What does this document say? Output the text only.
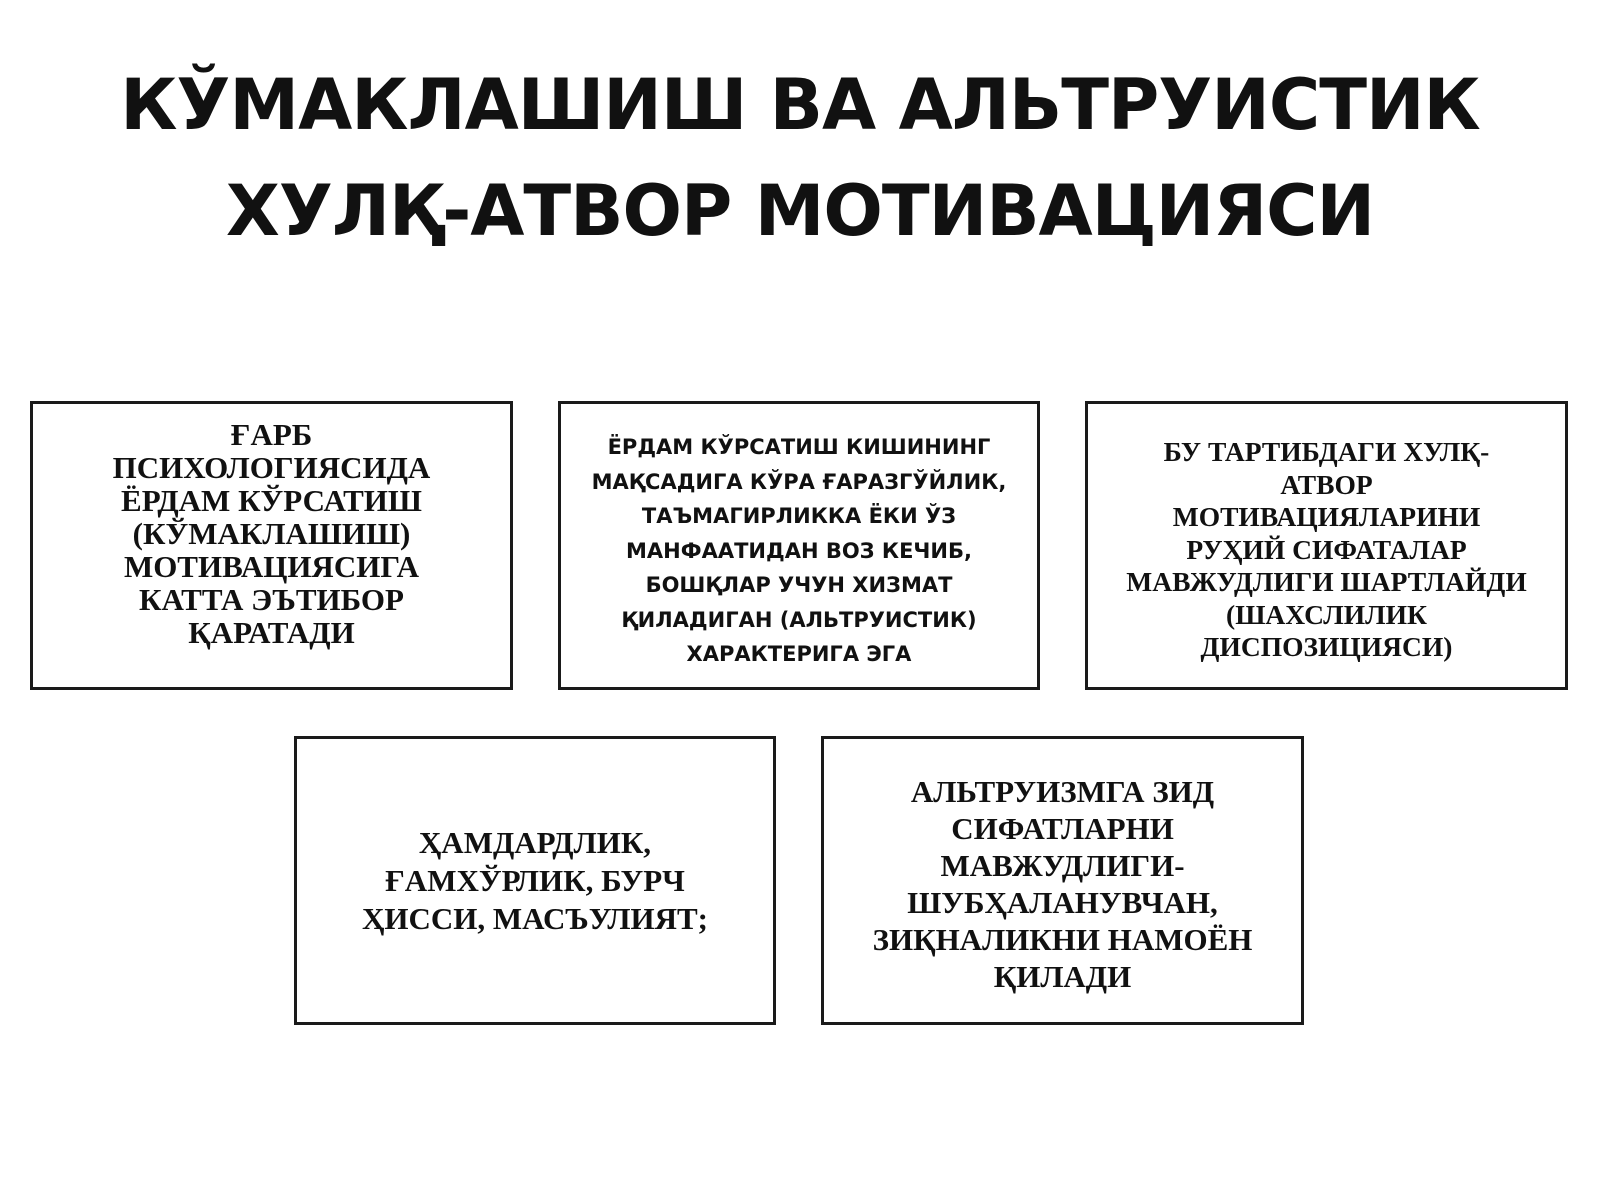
КЎМАКЛАШИШ ВА АЛЬТРУИСТИК
ХУЛҚ-АТВОР МОТИВАЦИЯСИ
ҒАРБ
ПСИХОЛОГИЯСИДА
ЁРДАМ КЎРСАТИШ
(КЎМАКЛАШИШ)
МОТИВАЦИЯСИГА
КАТТА ЭЪТИБОР
ҚАРАТАДИ
ЁРДАМ КЎРСАТИШ КИШИНИНГ
МАҚСАДИГА КЎРА ҒАРАЗГЎЙЛИК,
ТАЪМАГИРЛИККА ЁКИ ЎЗ
МАНФААТИДАН ВОЗ КЕЧИБ,
БОШҚЛАР УЧУН ХИЗМАТ
ҚИЛАДИГАН (АЛЬТРУИСТИК)
ХАРАКТЕРИГА ЭГА
БУ ТАРТИБДАГИ ХУЛҚ-
АТВОР
МОТИВАЦИЯЛАРИНИ
РУҲИЙ СИФАТАЛАР
МАВЖУДЛИГИ ШАРТЛАЙДИ
(ШАХСЛИЛИК
ДИСПОЗИЦИЯСИ)
ҲАМДАРДЛИК,
ҒАМХЎРЛИК, БУРЧ
ҲИССИ, МАСЪУЛИЯТ;
АЛЬТРУИЗМГА ЗИД
СИФАТЛАРНИ
МАВЖУДЛИГИ-
ШУБҲАЛАНУВЧАН,
ЗИҚНАЛИКНИ НАМОЁН
ҚИЛАДИ
